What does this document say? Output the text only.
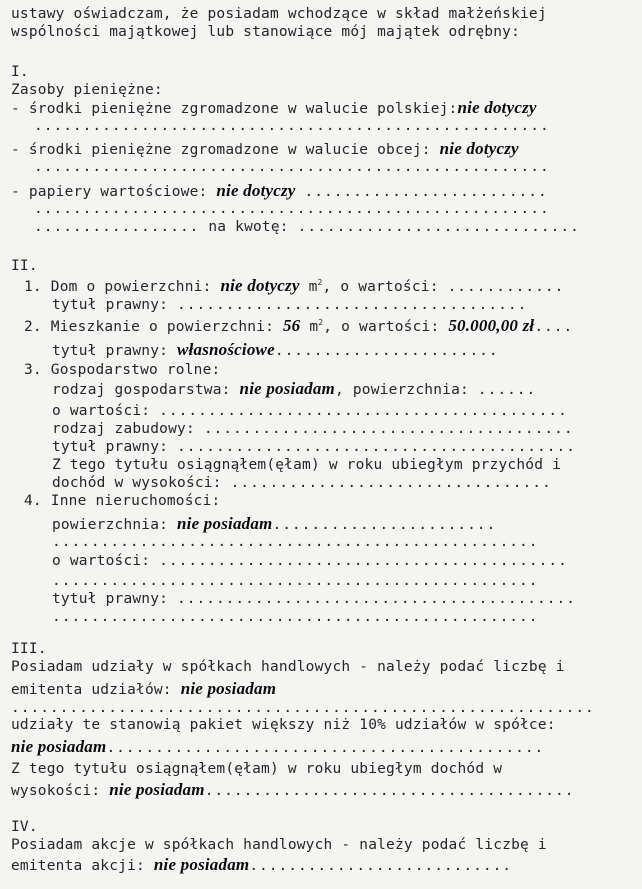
ustawy oświadczam, że posiadam wchodzące w skład małżeńskiej
wspólności majątkowej lub stanowiące mój majątek odrębny:
I.
Zasoby pieniężne:
- środki pieniężne zgromadzone w walucie polskiej:nie dotyczy
.....................................................
- środki pieniężne zgromadzone w walucie obcej: nie dotyczy
.....................................................
- papiery wartościowe: nie dotyczy .........................
.....................................................
................. na kwotę: .............................
II.
1. Dom o powierzchni: nie dotyczy $m^2$, o wartości: ............
tytuł prawny: ....................................
2. Mieszkanie o powierzchni: 56 $m^2$, o wartości: 50.000,00 zł....
tytuł prawny: własnościowe.......................
3. Gospodarstwo rolne:
rodzaj gospodarstwa: nie posiadam, powierzchnia: ......
o wartości: ..........................................
rodzaj zabudowy: ......................................
tytuł prawny: .........................................
Z tego tytułu osiągnąłem(ęłam) w roku ubiegłym przychód i
dochód w wysokości: .................................
4. Inne nieruchomości:
powierzchnia: nie posiadam.......................
..................................................
o wartości: ..........................................
..................................................
tytuł prawny: .........................................
..................................................
III.
Posiadam udziały w spółkach handlowych - należy podać liczbę i
emitenta udziałów: nie posiadam
............................................................
udziały te stanowią pakiet większy niż 10% udziałów w spółce:
nie posiadam.............................................
Z tego tytułu osiągnąłem(ęłam) w roku ubiegłym dochód w
wysokości: nie posiadam......................................
IV.
Posiadam akcje w spółkach handlowych - należy podać liczbę i
emitenta akcji: nie posiadam...........................
